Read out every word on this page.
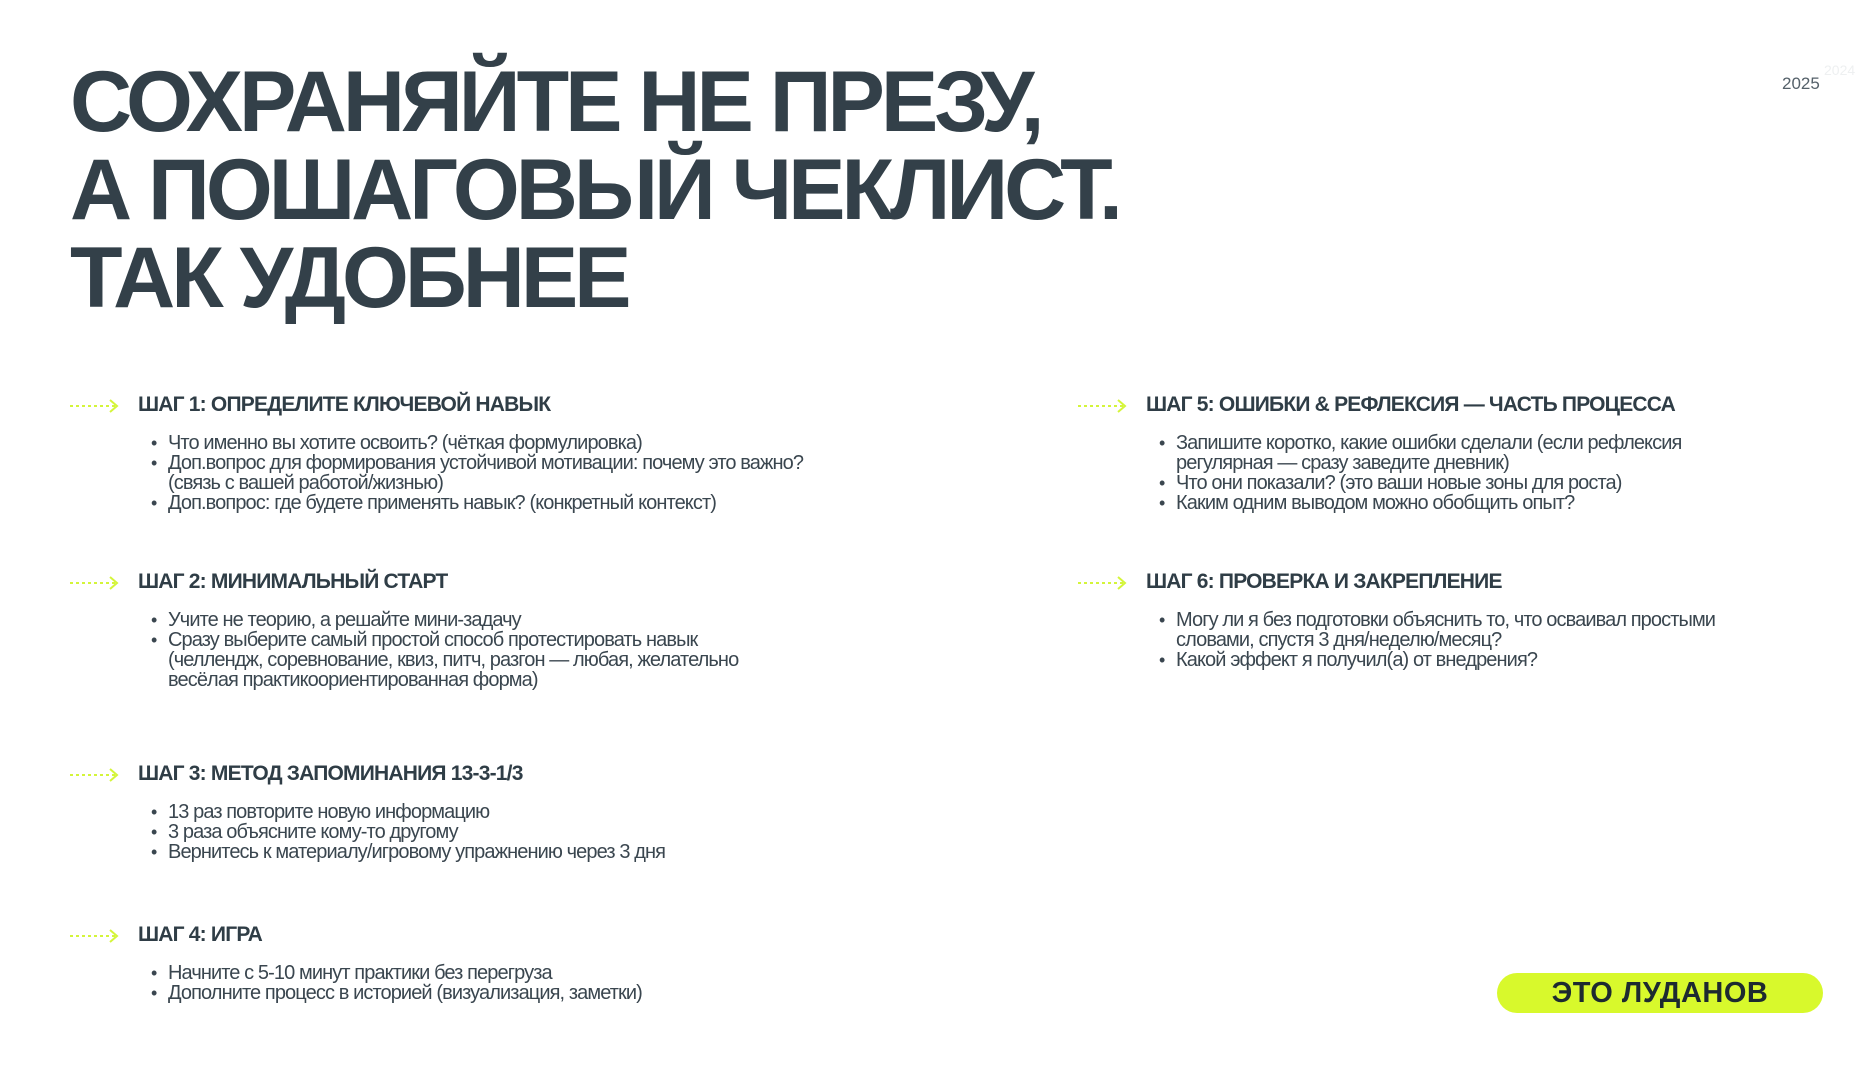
СОХРАНЯЙТЕ НЕ ПРЕЗУ,
А ПОШАГОВЫЙ ЧЕКЛИСТ.
ТАК УДОБНЕЕ
2024
2025
ШАГ 1: ОПРЕДЕЛИТЕ КЛЮЧЕВОЙ НАВЫК
• Что именно вы хотите освоить? (чёткая формулировка)
• Доп.вопрос для формирования устойчивой мотивации: почему это важно?
(связь с вашей работой/жизнью)
• Доп.вопрос: где будете применять навык? (конкретный контекст)
ШАГ 2: МИНИМАЛЬНЫЙ СТАРТ
• Учите не теорию, а решайте мини-задачу
• Сразу выберите самый простой способ протестировать навык
(челлендж, соревнование, квиз, питч, разгон — любая, желательно
весёлая практикоориентированная форма)
ШАГ 3: МЕТОД ЗАПОМИНАНИЯ 13-3-1/3
• 13 раз повторите новую информацию
• 3 раза объясните кому-то другому
• Вернитесь к материалу/игровому упражнению через 3 дня
ШАГ 4: ИГРА
• Начните с 5-10 минут практики без перегруза
• Дополните процесс в историей (визуализация, заметки)
ШАГ 5: ОШИБКИ & РЕФЛЕКСИЯ — ЧАСТЬ ПРОЦЕССА
• Запишите коротко, какие ошибки сделали (если рефлексия
регулярная — сразу заведите дневник)
• Что они показали? (это ваши новые зоны для роста)
• Каким одним выводом можно обобщить опыт?
ШАГ 6: ПРОВЕРКА И ЗАКРЕПЛЕНИЕ
• Могу ли я без подготовки объяснить то, что осваивал простыми
словами, спустя 3 дня/неделю/месяц?
• Какой эффект я получил(а) от внедрения?
ЭТО ЛУДАНОВ
